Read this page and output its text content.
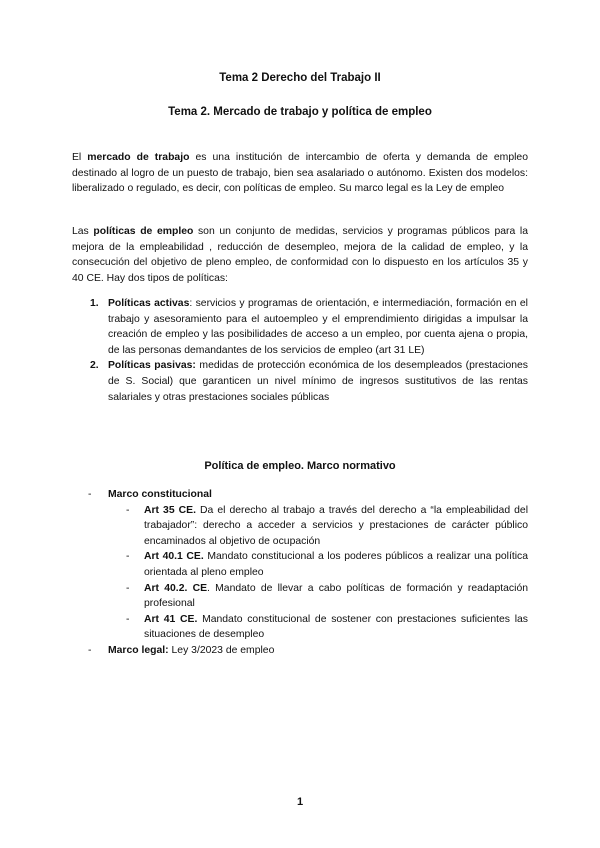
Tema 2 Derecho del Trabajo II
Tema 2. Mercado de trabajo y política de empleo
El mercado de trabajo es una institución de intercambio de oferta y demanda de empleo destinado al logro de un puesto de trabajo, bien sea asalariado o autónomo. Existen dos modelos: liberalizado o regulado, es decir, con políticas de empleo. Su marco legal es la Ley de empleo
Las políticas de empleo son un conjunto de medidas, servicios y programas públicos para la mejora de la empleabilidad , reducción de desempleo, mejora de la calidad de empleo, y la consecución del objetivo de pleno empleo, de conformidad con lo dispuesto en los artículos 35 y 40 CE. Hay dos tipos de políticas:
1. Políticas activas: servicios y programas de orientación, e intermediación, formación en el trabajo y asesoramiento para el autoempleo y el emprendimiento dirigidas a impulsar la creación de empleo y las posibilidades de acceso a un empleo, por cuenta ajena o propia, de las personas demandantes de los servicios de empleo (art 31 LE)
2. Políticas pasivas: medidas de protección económica de los desempleados (prestaciones de S. Social) que garanticen un nivel mínimo de ingresos sustitutivos de las rentas salariales y otras prestaciones sociales públicas
Política de empleo. Marco normativo
- Marco constitucional
- Art 35 CE. Da el derecho al trabajo a través del derecho a “la empleabilidad del trabajador”: derecho a acceder a servicios y prestaciones de carácter público encaminados al objetivo de ocupación
- Art 40.1 CE. Mandato constitucional a los poderes públicos a realizar una política orientada al pleno empleo
- Art 40.2. CE. Mandato de llevar a cabo políticas de formación y readaptación profesional
- Art 41 CE. Mandato constitucional de sostener con prestaciones suficientes las situaciones de desempleo
- Marco legal: Ley 3/2023 de empleo
1
